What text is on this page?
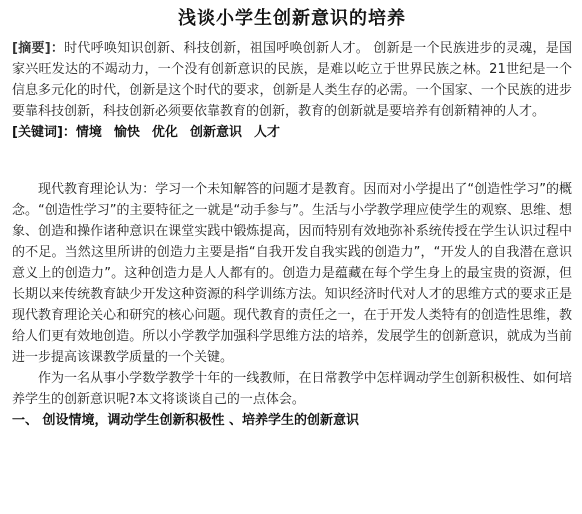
浅谈小学生创新意识的培养

[摘要]：时代呼唤知识创新、科技创新，祖国呼唤创新人才。 创新是一个民族进步的灵魂，是国家兴旺发达的不竭动力，一个没有创新意识的民族，是难以屹立于世界民族之林。21世纪是一个信息多元化的时代，创新是这个时代的要求，创新是人类生存的必需。一个国家、一个民族的进步要靠科技创新，科技创新必须要依靠教育的创新，教育的创新就是要培养有创新精神的人才。

[关键词]：情境 愉快 优化 创新意识 人才

现代教育理论认为：学习一个未知解答的问题才是教育。因而对小学提出了“创造性学习”的概念。“创造性学习”的主要特征之一就是“动手参与”。生活与小学教学理应使学生的观察、思维、想象、创造和操作诸种意识在课堂实践中锻炼提高，因而特别有效地弥补系统传授在学生认识过程中的不足。当然这里所讲的创造力主要是指“自我开发自我实践的创造力”，“开发人的自我潜在意识意义上的创造力”。这种创造力是人人都有的。创造力是蕴藏在每个学生身上的最宝贵的资源，但长期以来传统教育缺少开发这种资源的科学训练方法。知识经济时代对人才的思维方式的要求正是现代教育理论关心和研究的核心问题。现代教育的责任之一，在于开发人类特有的创造性思维，教给人们更有效地创造。所以小学教学加强科学思维方法的培养，发展学生的创新意识，就成为当前进一步提高该课教学质量的一个关键。

作为一名从事小学数学教学十年的一线教师，在日常教学中怎样调动学生创新积极性、如何培养学生的创新意识呢?本文将谈谈自己的一点体会。

一、 创设情境，调动学生创新积极性 、培养学生的创新意识
